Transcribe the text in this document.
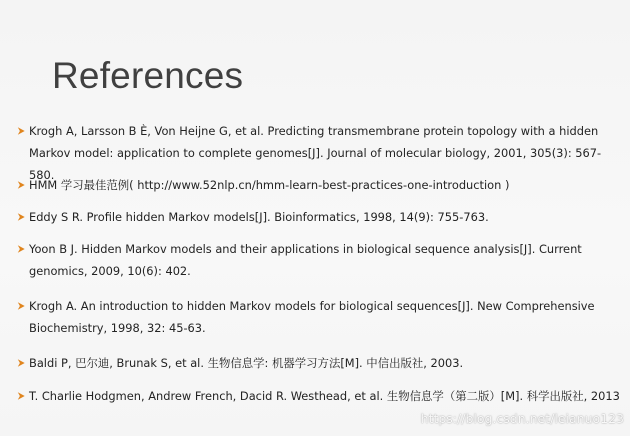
References
Krogh A, Larsson B È, Von Heijne G, et al. Predicting transmembrane protein topology with a hidden Markov model: application to complete genomes[J]. Journal of molecular biology, 2001, 305(3): 567-580.
HMM 学习最佳范例( http://www.52nlp.cn/hmm-learn-best-practices-one-introduction )
Eddy S R. Profile hidden Markov models[J]. Bioinformatics, 1998, 14(9): 755-763.
Yoon B J. Hidden Markov models and their applications in biological sequence analysis[J]. Current genomics, 2009, 10(6): 402.
Krogh A. An introduction to hidden Markov models for biological sequences[J]. New Comprehensive Biochemistry, 1998, 32: 45-63.
Baldi P, 巴尔迪, Brunak S, et al. 生物信息学: 机器学习方法[M]. 中信出版社, 2003.
T. Charlie Hodgmen, Andrew French, Dacid R. Westhead, et al. 生物信息学（第二版）[M]. 科学出版社, 2013
https://blog.csdn.net/leianuo123
